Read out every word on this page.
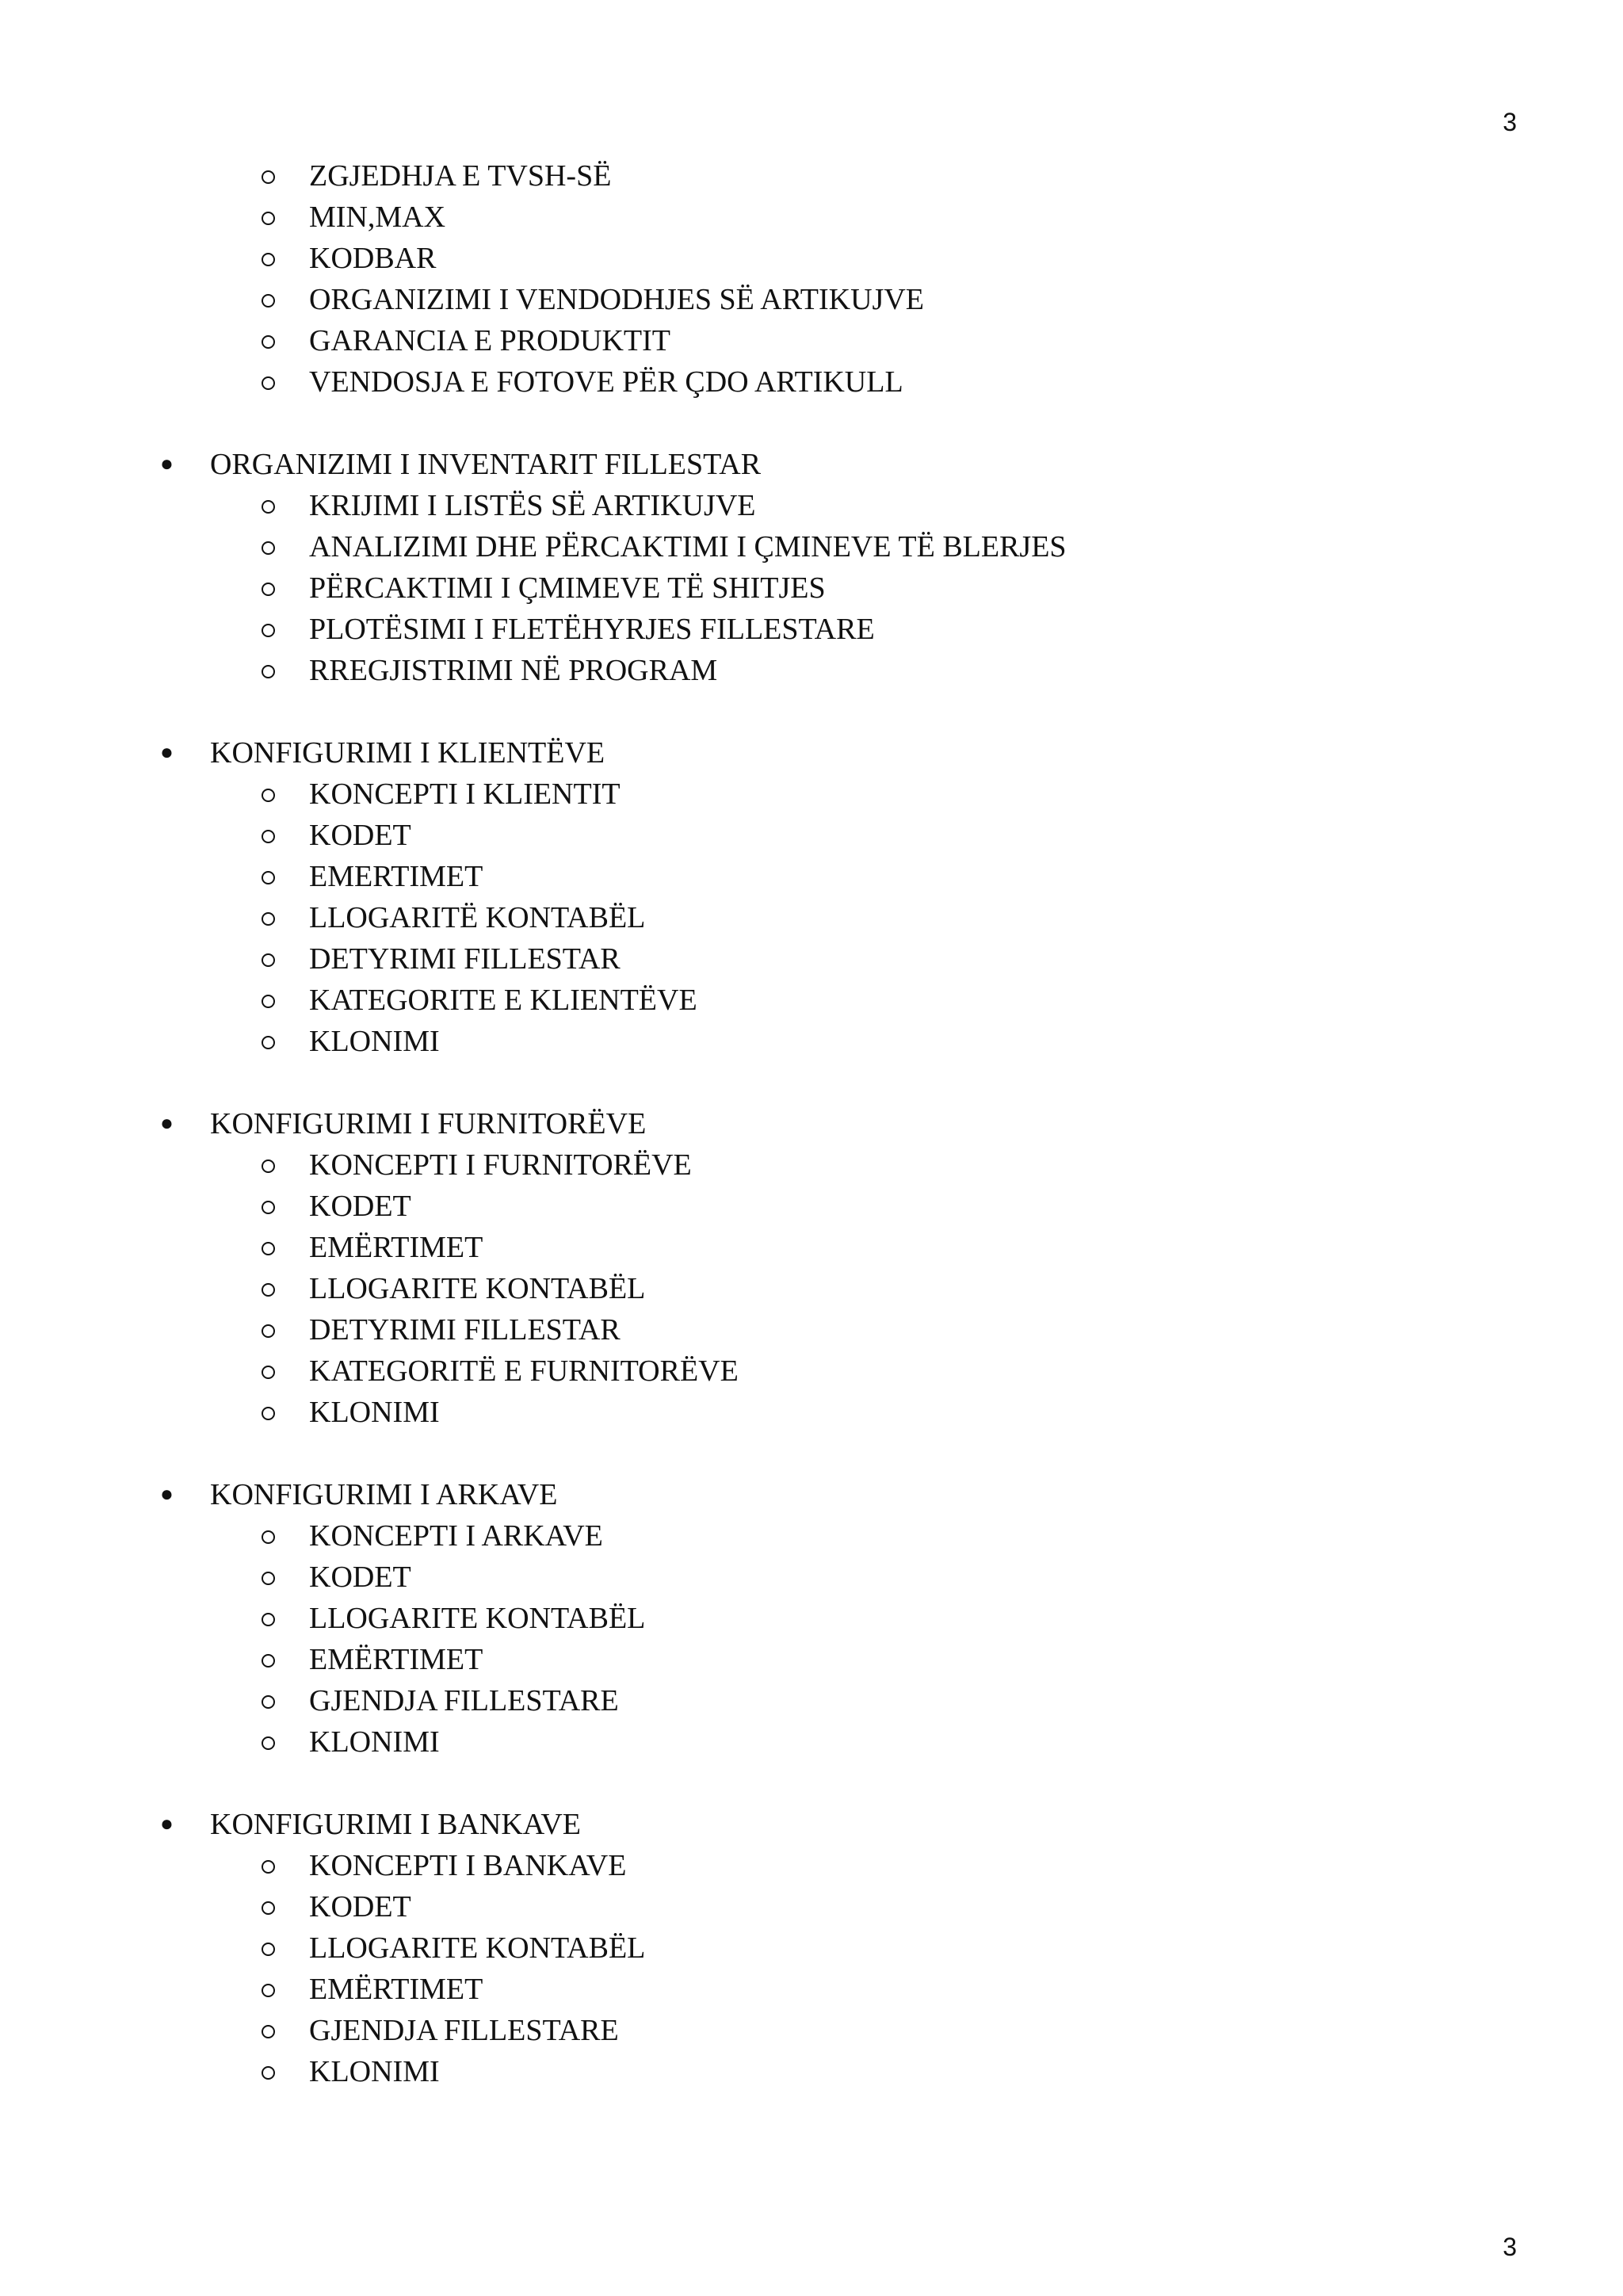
3
ZGJEDHJA E TVSH-SË
MIN,MAX
KODBAR
ORGANIZIMI I VENDODHJES SË ARTIKUJVE
GARANCIA E PRODUKTIT
VENDOSJA E FOTOVE PËR ÇDO ARTIKULL
● ORGANIZIMI I INVENTARIT FILLESTAR
KRIJIMI I LISTËS SË ARTIKUJVE
ANALIZIMI DHE PËRCAKTIMI I ÇMINEVE TË BLERJES
PËRCAKTIMI I ÇMIMEVE TË SHITJES
PLOTËSIMI I FLETËHYRJES FILLESTARE
RREGJISTRIMI NË PROGRAM
● KONFIGURIMI I KLIENTËVE
KONCEPTI I KLIENTIT
KODET
EMERTIMET
LLOGARITË KONTABËL
DETYRIMI FILLESTAR
KATEGORITE E KLIENTËVE
KLONIMI
● KONFIGURIMI I FURNITORËVE
KONCEPTI I FURNITORËVE
KODET
EMËRTIMET
LLOGARITE KONTABËL
DETYRIMI FILLESTAR
KATEGORITË E FURNITORËVE
KLONIMI
● KONFIGURIMI I ARKAVE
KONCEPTI I ARKAVE
KODET
LLOGARITE KONTABËL
EMËRTIMET
GJENDJA FILLESTARE
KLONIMI
● KONFIGURIMI I BANKAVE
KONCEPTI I BANKAVE
KODET
LLOGARITE KONTABËL
EMËRTIMET
GJENDJA FILLESTARE
KLONIMI
3
